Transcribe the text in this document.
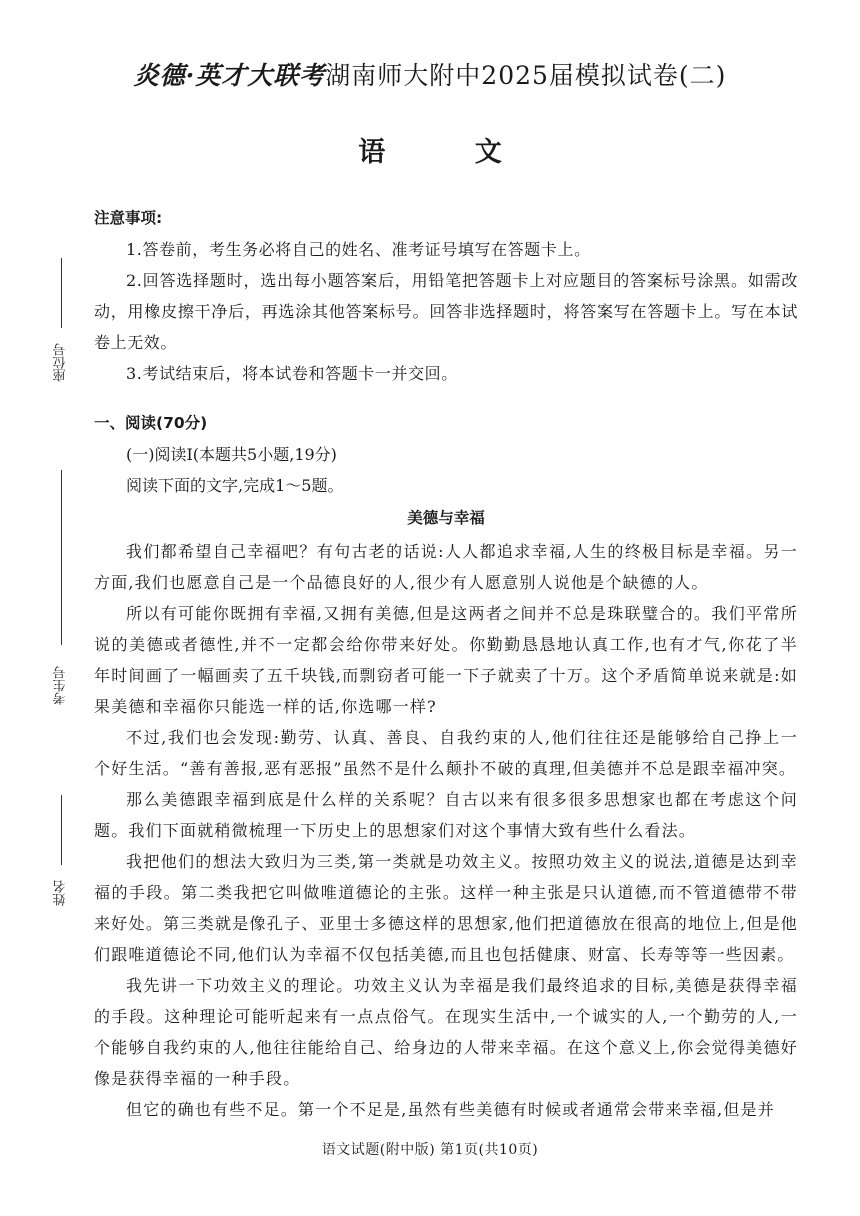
炎德·英才大联考湖南师大附中2025届模拟试卷(二)
语 文
座位号
考生号
姓名
注意事项:

1.答卷前，考生务必将自己的姓名、准考证号填写在答题卡上。

2.回答选择题时，选出每小题答案后，用铅笔把答题卡上对应题目的答案标号涂黑。如需改动，用橡皮擦干净后，再选涂其他答案标号。回答非选择题时，将答案写在答题卡上。写在本试卷上无效。

3.考试结束后，将本试卷和答题卡一并交回。

一、阅读(70分)

(一)阅读Ⅰ(本题共5小题,19分)

阅读下面的文字,完成1～5题。

美德与幸福

我们都希望自己幸福吧？有句古老的话说:人人都追求幸福,人生的终极目标是幸福。另一方面,我们也愿意自己是一个品德良好的人,很少有人愿意别人说他是个缺德的人。

所以有可能你既拥有幸福,又拥有美德,但是这两者之间并不总是珠联璧合的。我们平常所说的美德或者德性,并不一定都会给你带来好处。你勤勤恳恳地认真工作,也有才气,你花了半年时间画了一幅画卖了五千块钱,而剽窃者可能一下子就卖了十万。这个矛盾简单说来就是:如果美德和幸福你只能选一样的话,你选哪一样?

不过,我们也会发现:勤劳、认真、善良、自我约束的人,他们往往还是能够给自己挣上一个好生活。“善有善报,恶有恶报”虽然不是什么颠扑不破的真理,但美德并不总是跟幸福冲突。

那么美德跟幸福到底是什么样的关系呢？自古以来有很多很多思想家也都在考虑这个问题。我们下面就稍微梳理一下历史上的思想家们对这个事情大致有些什么看法。

我把他们的想法大致归为三类,第一类就是功效主义。按照功效主义的说法,道德是达到幸福的手段。第二类我把它叫做唯道德论的主张。这样一种主张是只认道德,而不管道德带不带来好处。第三类就是像孔子、亚里士多德这样的思想家,他们把道德放在很高的地位上,但是他们跟唯道德论不同,他们认为幸福不仅包括美德,而且也包括健康、财富、长寿等等一些因素。

我先讲一下功效主义的理论。功效主义认为幸福是我们最终追求的目标,美德是获得幸福的手段。这种理论可能听起来有一点点俗气。在现实生活中,一个诚实的人,一个勤劳的人,一个能够自我约束的人,他往往能给自己、给身边的人带来幸福。在这个意义上,你会觉得美德好像是获得幸福的一种手段。

但它的确也有些不足。第一个不足是,虽然有些美德有时候或者通常会带来幸福,但是并

语文试题(附中版) 第1页(共10页)
